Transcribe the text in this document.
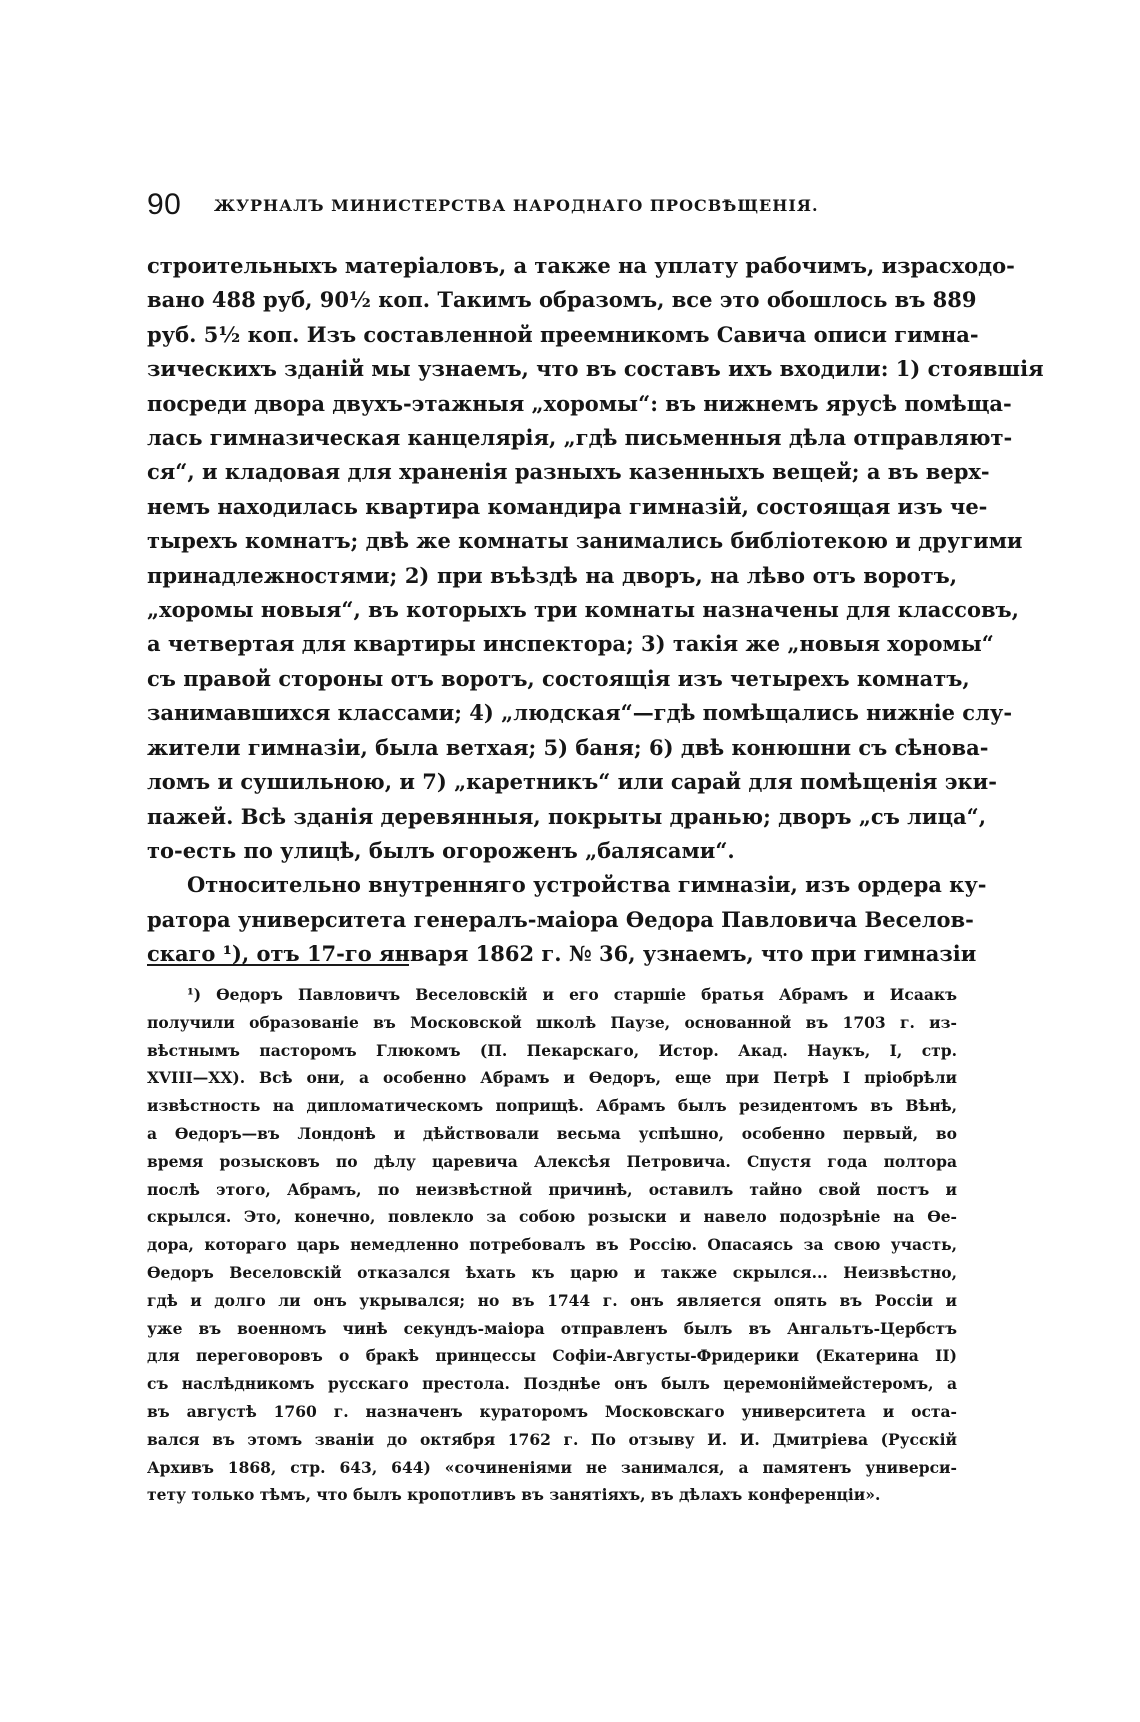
90 ЖУРНАЛЪ МИНИСТЕРСТВА НАРОДНАГО ПРОСВѢЩЕНІЯ.
строительныхъ матеріаловъ, а также на уплату рабочимъ, израсходо-
вано 488 руб, 90½ коп. Такимъ образомъ, все это обошлось въ 889
руб. 5½ коп. Изъ составленной преемникомъ Савича описи гимна-
зическихъ зданій мы узнаемъ, что въ составъ ихъ входили: 1) стоявшія
посреди двора двухъ-этажныя „хоромы“: въ нижнемъ ярусѣ помѣща-
лась гимназическая канцелярія, „гдѣ письменныя дѣла отправляют-
ся“, и кладовая для храненія разныхъ казенныхъ вещей; а въ верх-
немъ находилась квартира командира гимназій, состоящая изъ че-
тырехъ комнатъ; двѣ же комнаты занимались библіотекою и другими
принадлежностями; 2) при въѣздѣ на дворъ, на лѣво отъ воротъ,
„хоромы новыя“, въ которыхъ три комнаты назначены для классовъ,
а четвертая для квартиры инспектора; 3) такія же „новыя хоромы“
съ правой стороны отъ воротъ, состоящія изъ четырехъ комнатъ,
занимавшихся классами; 4) „людская“—гдѣ помѣщались нижніе слу-
жители гимназіи, была ветхая; 5) баня; 6) двѣ конюшни съ сѣнова-
ломъ и сушильною, и 7) „каретникъ“ или сарай для помѣщенія эки-
пажей. Всѣ зданія деревянныя, покрыты дранью; дворъ „съ лица“,
то-есть по улицѣ, былъ огороженъ „балясами“.
Относительно внутренняго устройства гимназіи, изъ ордера ку-
ратора университета генералъ-маіора Ѳедора Павловича Веселов-
скаго ¹), отъ 17-го января 1862 г. № 36, узнаемъ, что при гимназіи
¹) Ѳедоръ Павловичъ Веселовскій и его старшіе братья Абрамъ и Исаакъ
получили образованіе въ Московской школѣ Паузе, основанной въ 1703 г. из-
вѣстнымъ пасторомъ Глюкомъ (П. Пекарскаго, Истор. Акад. Наукъ, I, стр.
XVIII—XX). Всѣ они, а особенно Абрамъ и Ѳедоръ, еще при Петрѣ I пріобрѣли
извѣстность на дипломатическомъ поприщѣ. Абрамъ былъ резидентомъ въ Вѣнѣ,
а Ѳедоръ—въ Лондонѣ и дѣйствовали весьма успѣшно, особенно первый, во
время розысковъ по дѣлу царевича Алексѣя Петровича. Спустя года полтора
послѣ этого, Абрамъ, по неизвѣстной причинѣ, оставилъ тайно свой постъ и
скрылся. Это, конечно, повлекло за собою розыски и навело подозрѣніе на Ѳе-
дора, котораго царь немедленно потребовалъ въ Россію. Опасаясь за свою участь,
Ѳедоръ Веселовскій отказался ѣхать къ царю и также скрылся... Неизвѣстно,
гдѣ и долго ли онъ укрывался; но въ 1744 г. онъ является опять въ Россіи и
уже въ военномъ чинѣ секундъ-маіора отправленъ былъ въ Ангальтъ-Цербстъ
для переговоровъ о бракѣ принцессы Софіи-Августы-Фридерики (Екатерина II)
съ наслѣдникомъ русскаго престола. Позднѣе онъ былъ церемоніймейстеромъ, а
въ августѣ 1760 г. назначенъ кураторомъ Московскаго университета и оста-
вался въ этомъ званіи до октября 1762 г. По отзыву И. И. Дмитріева (Русскій
Архивъ 1868, стр. 643, 644) «сочиненіями не занимался, а памятенъ универси-
тету только тѣмъ, что былъ кропотливъ въ занятіяхъ, въ дѣлахъ конференціи».
